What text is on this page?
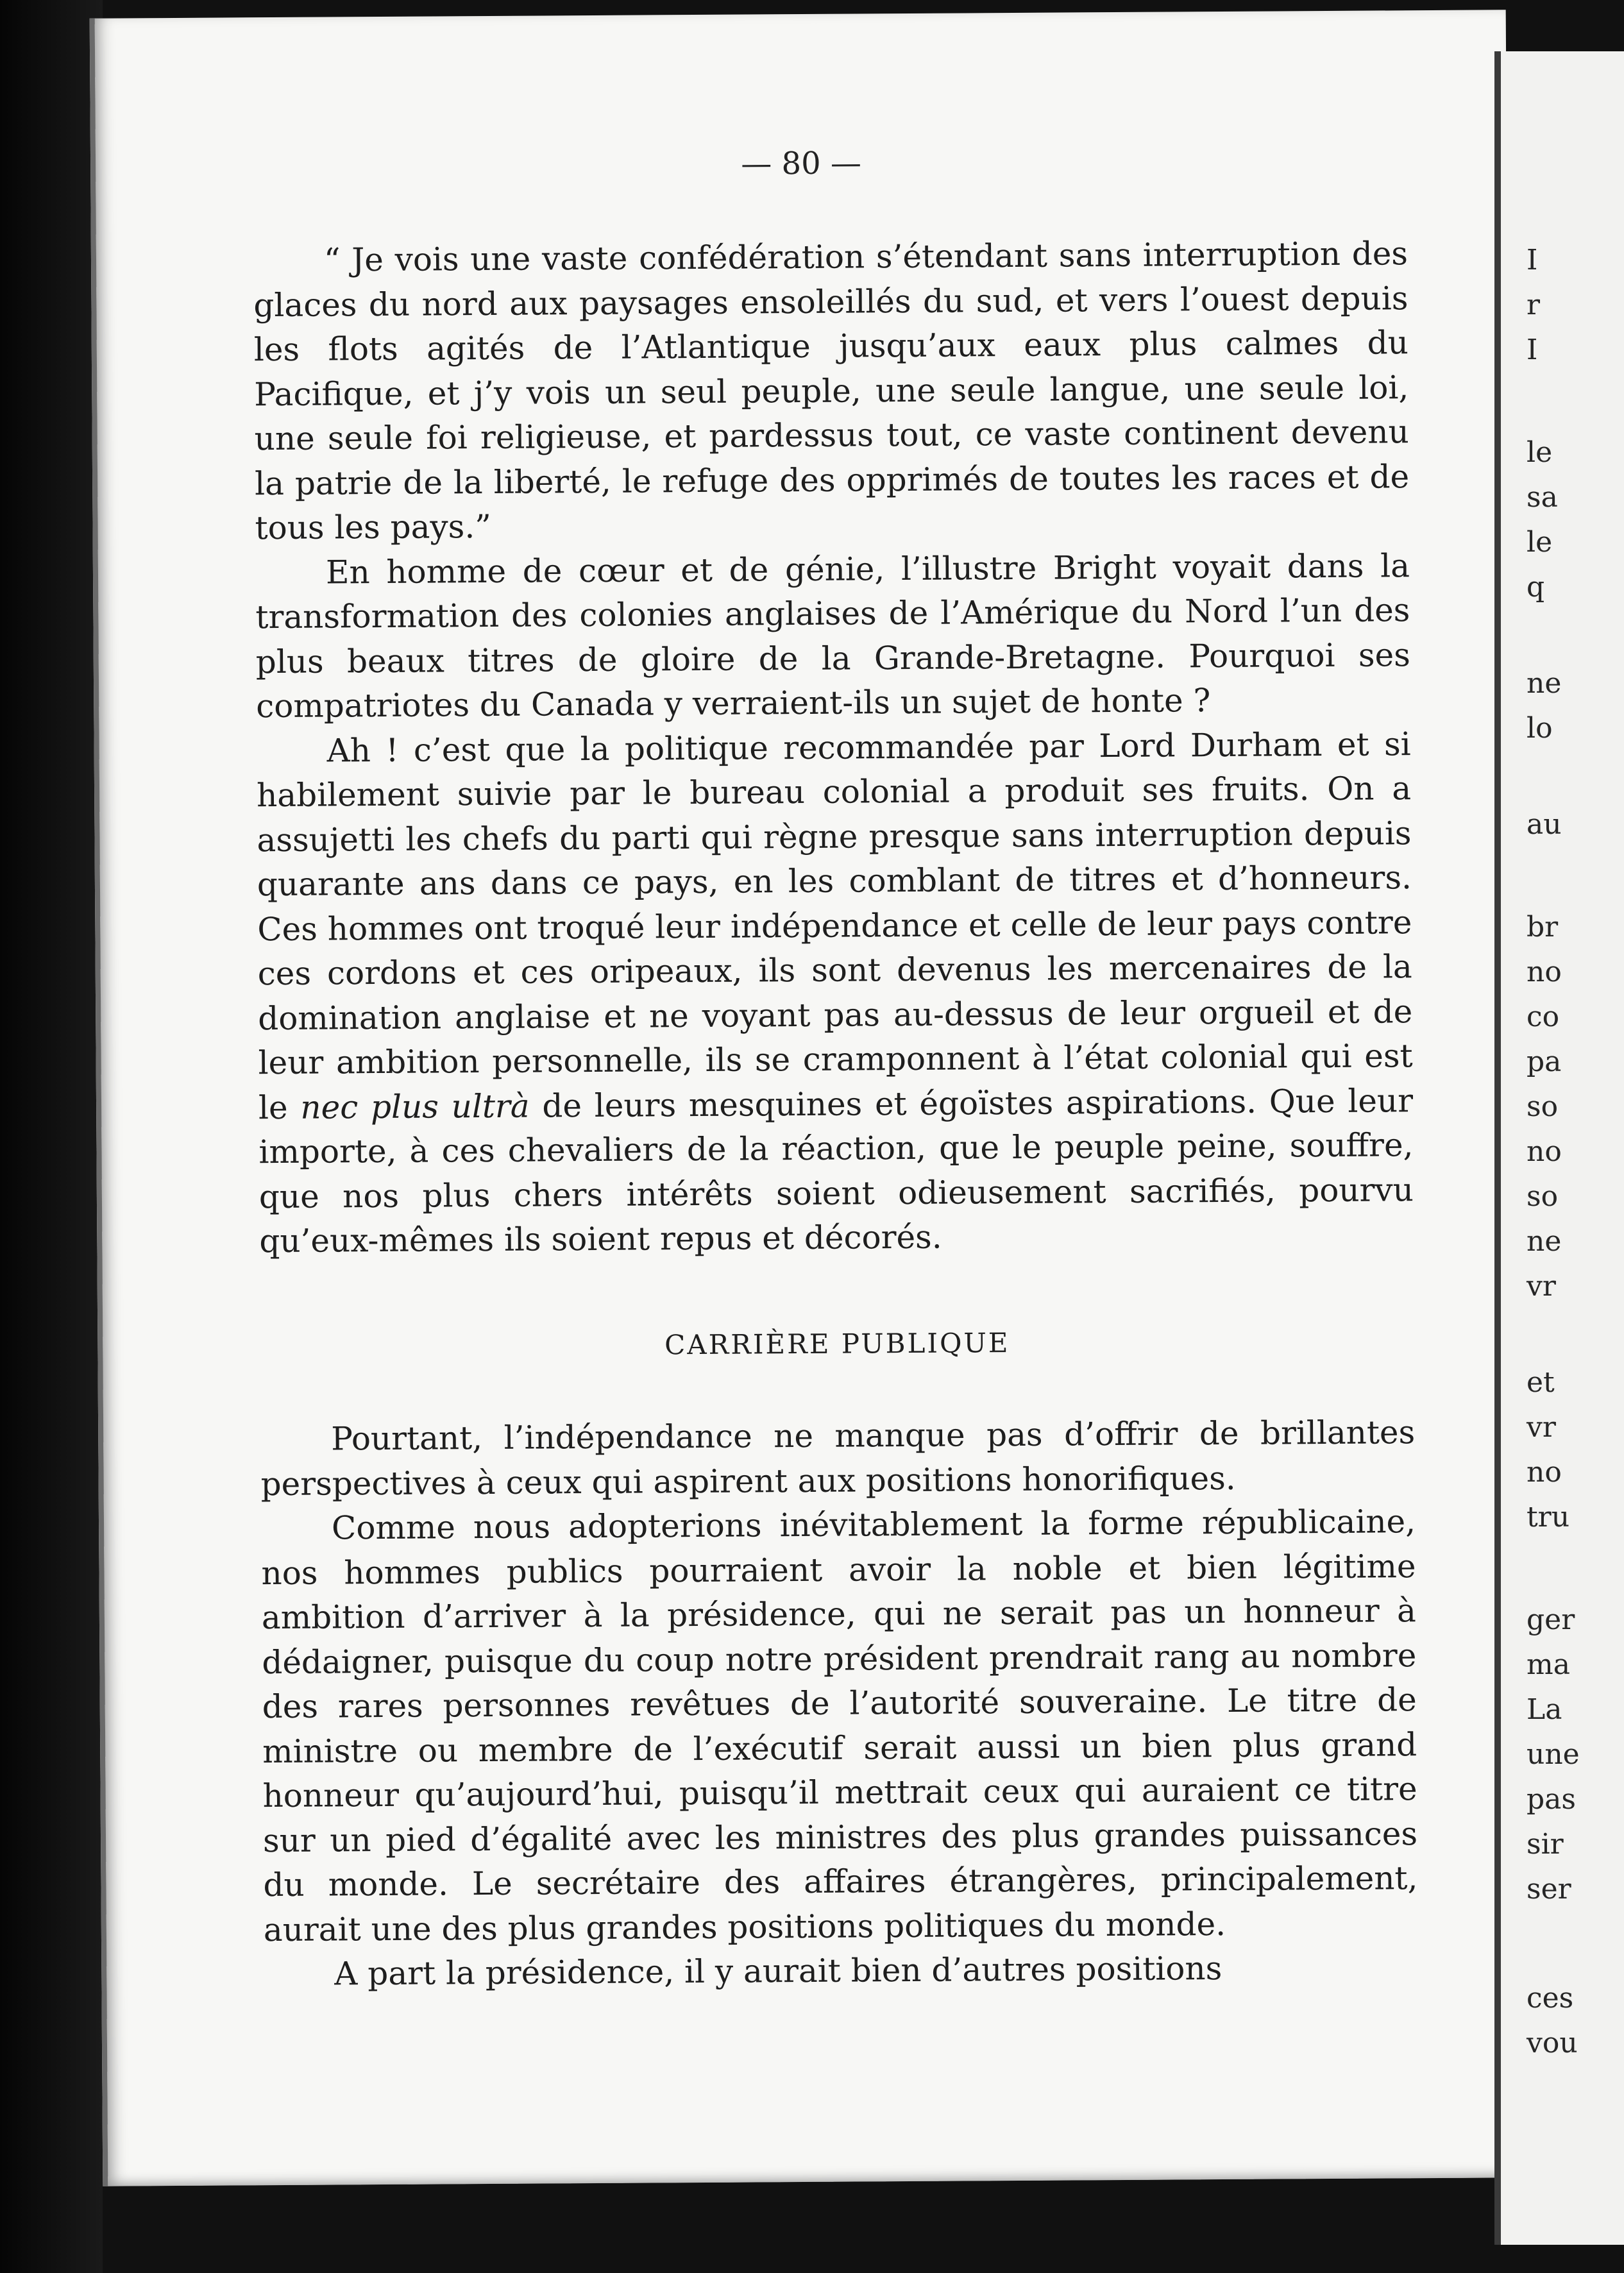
— 80 —

“ Je vois une vaste confédération s’étendant sans interruption des glaces du nord aux paysages ensoleillés du sud, et vers l’ouest depuis les flots agités de l’Atlantique jusqu’aux eaux plus calmes du Pacifique, et j’y vois un seul peuple, une seule langue, une seule loi, une seule foi religieuse, et pardessus tout, ce vaste continent devenu la patrie de la liberté, le refuge des opprimés de toutes les races et de tous les pays.”

En homme de cœur et de génie, l’illustre Bright voyait dans la transformation des colonies anglaises de l’Amérique du Nord l’un des plus beaux titres de gloire de la Grande-Bretagne. Pourquoi ses compatriotes du Canada y verraient-ils un sujet de honte ?

Ah ! c’est que la politique recommandée par Lord Durham et si habilement suivie par le bureau colonial a produit ses fruits. On a assujetti les chefs du parti qui règne presque sans interruption depuis quarante ans dans ce pays, en les comblant de titres et d’honneurs. Ces hommes ont troqué leur indépendance et celle de leur pays contre ces cordons et ces oripeaux, ils sont devenus les mercenaires de la domination anglaise et ne voyant pas au-dessus de leur orgueil et de leur ambition personnelle, ils se cramponnent à l’état colonial qui est le nec plus ultrà de leurs mesquines et égoïstes aspirations. Que leur importe, à ces chevaliers de la réaction, que le peuple peine, souffre, que nos plus chers intérêts soient odieusement sacrifiés, pourvu qu’eux-mêmes ils soient repus et décorés.

CARRIÈRE PUBLIQUE

Pourtant, l’indépendance ne manque pas d’offrir de brillantes perspectives à ceux qui aspirent aux positions honorifiques.

Comme nous adopterions inévitablement la forme républicaine, nos hommes publics pourraient avoir la noble et bien légitime ambition d’arriver à la présidence, qui ne serait pas un honneur à dédaigner, puisque du coup notre président prendrait rang au nombre des rares personnes revêtues de l’autorité souveraine. Le titre de ministre ou membre de l’exécutif serait aussi un bien plus grand honneur qu’aujourd’hui, puisqu’il mettrait ceux qui auraient ce titre sur un pied d’égalité avec les ministres des plus grandes puissances du monde. Le secrétaire des affaires étrangères, principalement, aurait une des plus grandes positions politiques du monde.

A part la présidence, il y aurait bien d’autres positions

I
r
I
le
sa
le
q
ne
lo
au
br
no
co
pa
so
no
so
ne
vr
et
vr
no
tru
ger
ma
La
une
pas
sir
ser
ces
vou
